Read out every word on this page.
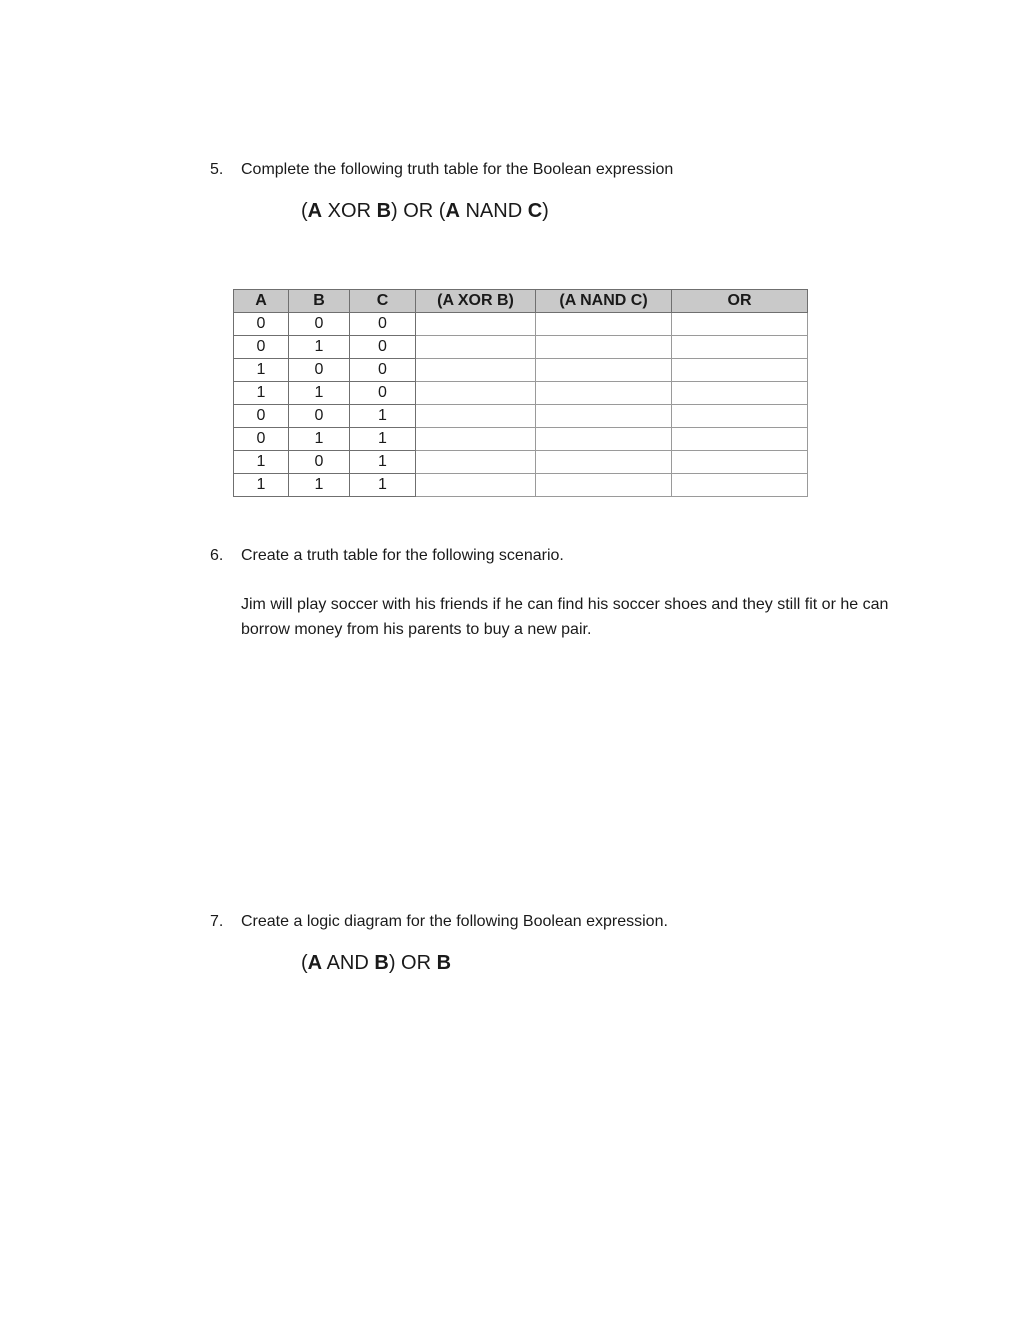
5.	Complete the following truth table for the Boolean expression
(A XOR B) OR (A NAND C)
A	B	C	(A XOR B)	(A NAND C)	OR
0	0	0			
0	1	0			
1	0	0			
1	1	0			
0	0	1			
0	1	1			
1	0	1			
1	1	1			
6.	Create a truth table for the following scenario.
Jim will play soccer with his friends if he can find his soccer shoes and they still fit or he can borrow money from his parents to buy a new pair.
7.	Create a logic diagram for the following Boolean expression.
(A AND B) OR B
